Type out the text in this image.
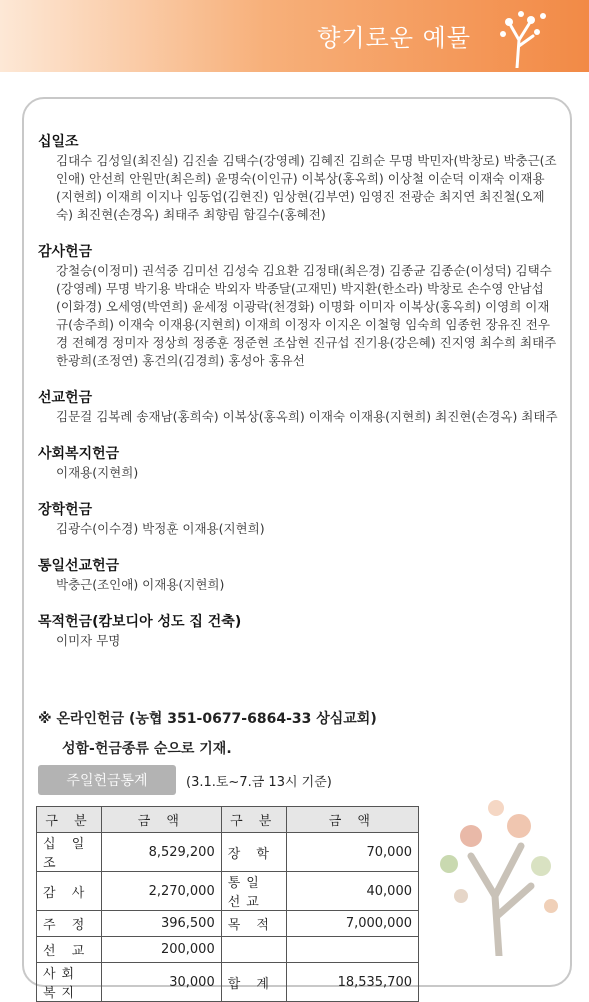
향기로운 예물
십일조
김대수 김성일(최진실) 김진솔 김택수(강영례) 김혜진 김희순 무명 박민자(박창로) 박충근(조인애) 안선희 안원만(최은희) 윤명숙(이인규) 이복상(홍옥희) 이상철 이순덕 이재숙 이재용(지현희) 이재희 이지나 임동업(김현진) 임상현(김부연) 임영진 전광순 최지연 최진철(오제숙) 최진현(손경옥) 최태주 최향림 함길수(홍혜전)
감사헌금
강철승(이정미) 권석중 김미선 김성숙 김요환 김정태(최은경) 김종균 김종순(이성덕) 김택수(강영례) 무명 박기용 박대순 박외자 박종달(고재민) 박지환(한소라) 박창로 손수영 안남섭(이화경) 오세영(박연희) 윤세정 이광락(천경화) 이명화 이미자 이복상(홍옥희) 이영희 이재규(송주희) 이재숙 이재용(지현희) 이재희 이정자 이지온 이철형 임숙희 임종헌 장유진 전우경 전혜경 정미자 정상희 정종훈 정준현 조삼현 진규섭 진기용(강은혜) 진지영 최수희 최태주 한광희(조정연) 홍건의(김경희) 홍성아 홍유선
선교헌금
김문걸 김복례 송재남(홍희숙) 이복상(홍옥희) 이재숙 이재용(지현희) 최진현(손경옥) 최태주
사회복지헌금
이재용(지현희)
장학헌금
김광수(이수경) 박정훈 이재용(지현희)
통일선교헌금
박충근(조인애) 이재용(지현희)
목적헌금(캄보디아 성도 집 건축)
이미자 무명
※ 온라인헌금 (농협 351-0677-6864-33 상심교회)
성함-헌금종류 순으로 기재.
주일헌금통계	(3.1.토~7.금 13시 기준)
구 분	금 액	구 분	금 액
십 일 조	8,529,200	장 학	70,000
감 사	2,270,000	통일선교	40,000
주 정	396,500	목 적	7,000,000
선 교	200,000		
사회복지	30,000	합 계	18,535,700
